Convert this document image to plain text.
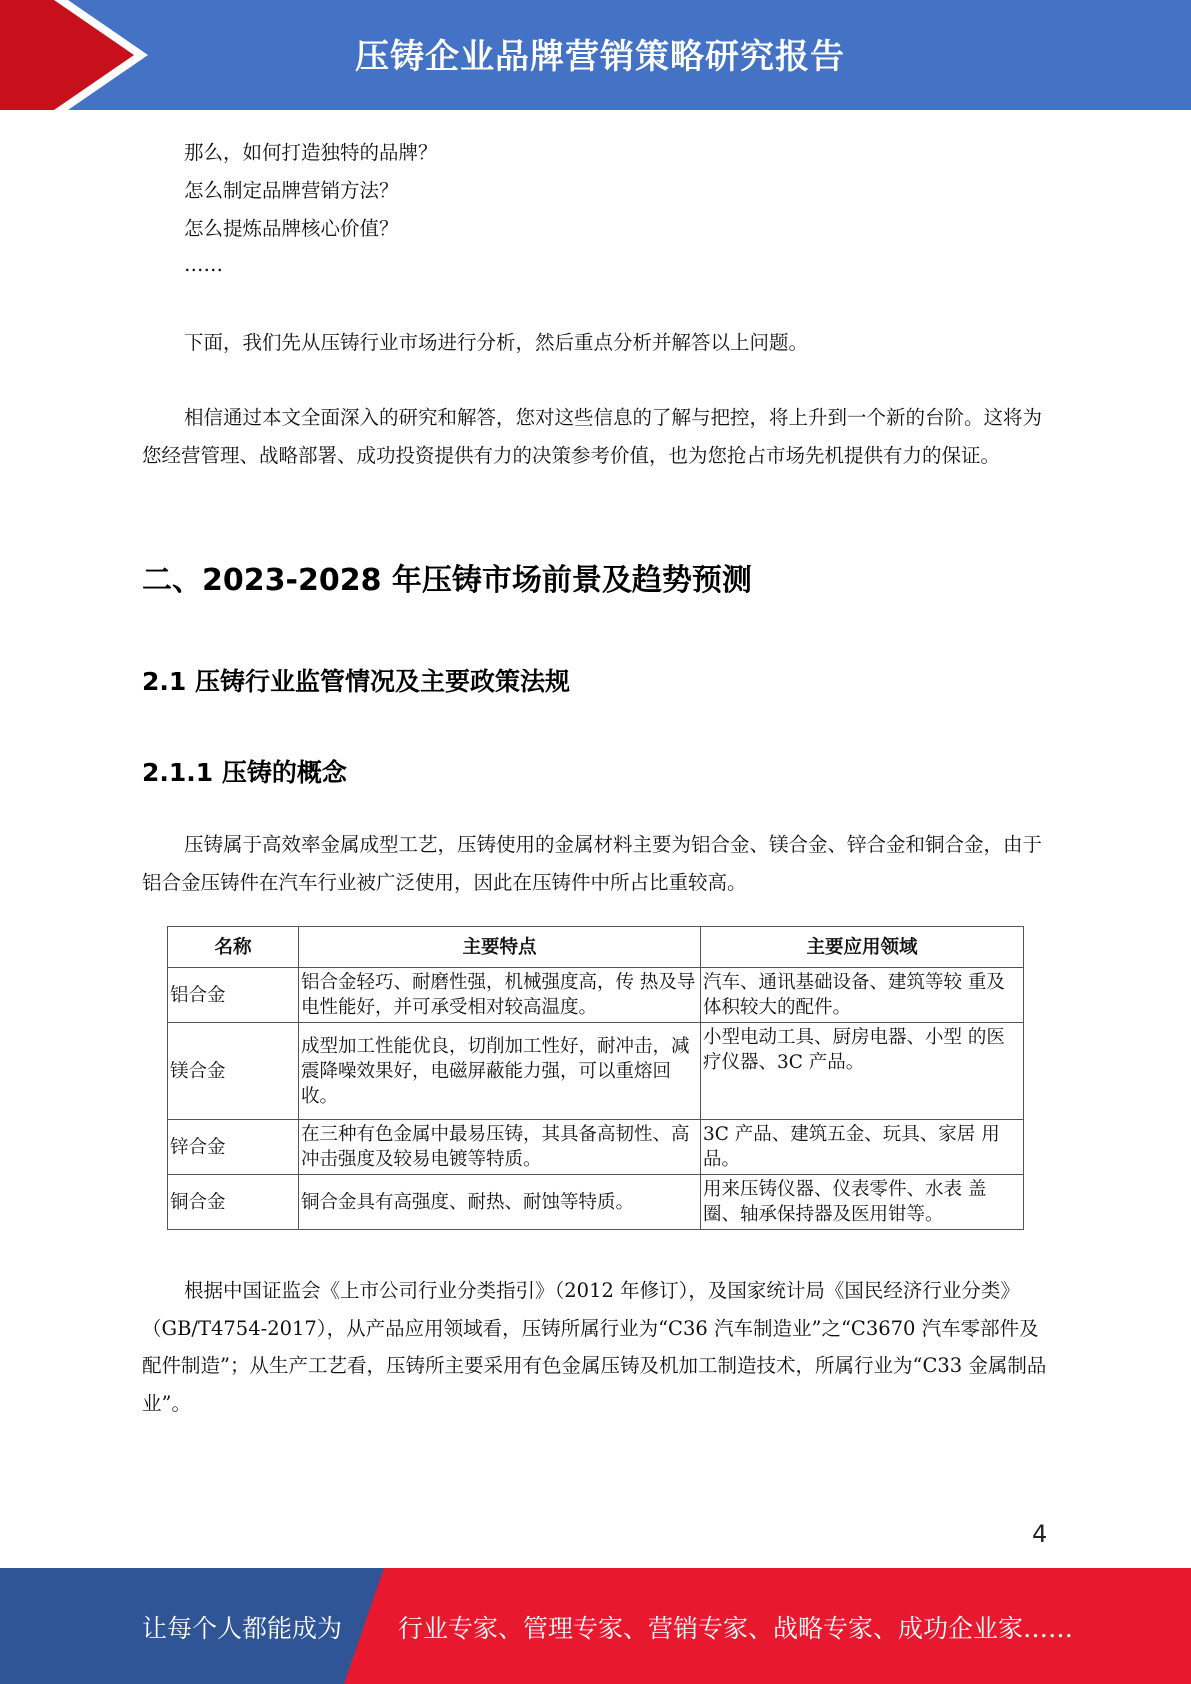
压铸企业品牌营销策略研究报告
那么，如何打造独特的品牌？
怎么制定品牌营销方法？
怎么提炼品牌核心价值？
……
下面，我们先从压铸行业市场进行分析，然后重点分析并解答以上问题。
相信通过本文全面深入的研究和解答，您对这些信息的了解与把控，将上升到一个新的台阶。这将为您经营管理、战略部署、成功投资提供有力的决策参考价值，也为您抢占市场先机提供有力的保证。
二、2023-2028 年压铸市场前景及趋势预测
2.1 压铸行业监管情况及主要政策法规
2.1.1 压铸的概念
压铸属于高效率金属成型工艺，压铸使用的金属材料主要为铝合金、镁合金、锌合金和铜合金，由于铝合金压铸件在汽车行业被广泛使用，因此在压铸件中所占比重较高。
名称	主要特点	主要应用领域
铝合金	铝合金轻巧、耐磨性强，机械强度高，传 热及导电性能好，并可承受相对较高温度。	汽车、通讯基础设备、建筑等较 重及体积较大的配件。
镁合金	成型加工性能优良，切削加工性好，耐冲击，减震降噪效果好，电磁屏蔽能力强，可以重熔回收。	小型电动工具、厨房电器、小型 的医疗仪器、3C 产品。
锌合金	在三种有色金属中最易压铸，其具备高韧性、高冲击强度及较易电镀等特质。	3C 产品、建筑五金、玩具、家居 用品。
铜合金	铜合金具有高强度、耐热、耐蚀等特质。	用来压铸仪器、仪表零件、水表 盖圈、轴承保持器及医用钳等。
根据中国证监会《上市公司行业分类指引》（2012 年修订），及国家统计局《国民经济行业分类》（GB/T4754-2017），从产品应用领域看，压铸所属行业为“C36 汽车制造业”之“C3670 汽车零部件及配件制造”；从生产工艺看，压铸所主要采用有色金属压铸及机加工制造技术，所属行业为“C33 金属制品业”。
4
让每个人都能成为 行业专家、管理专家、营销专家、战略专家、成功企业家……
